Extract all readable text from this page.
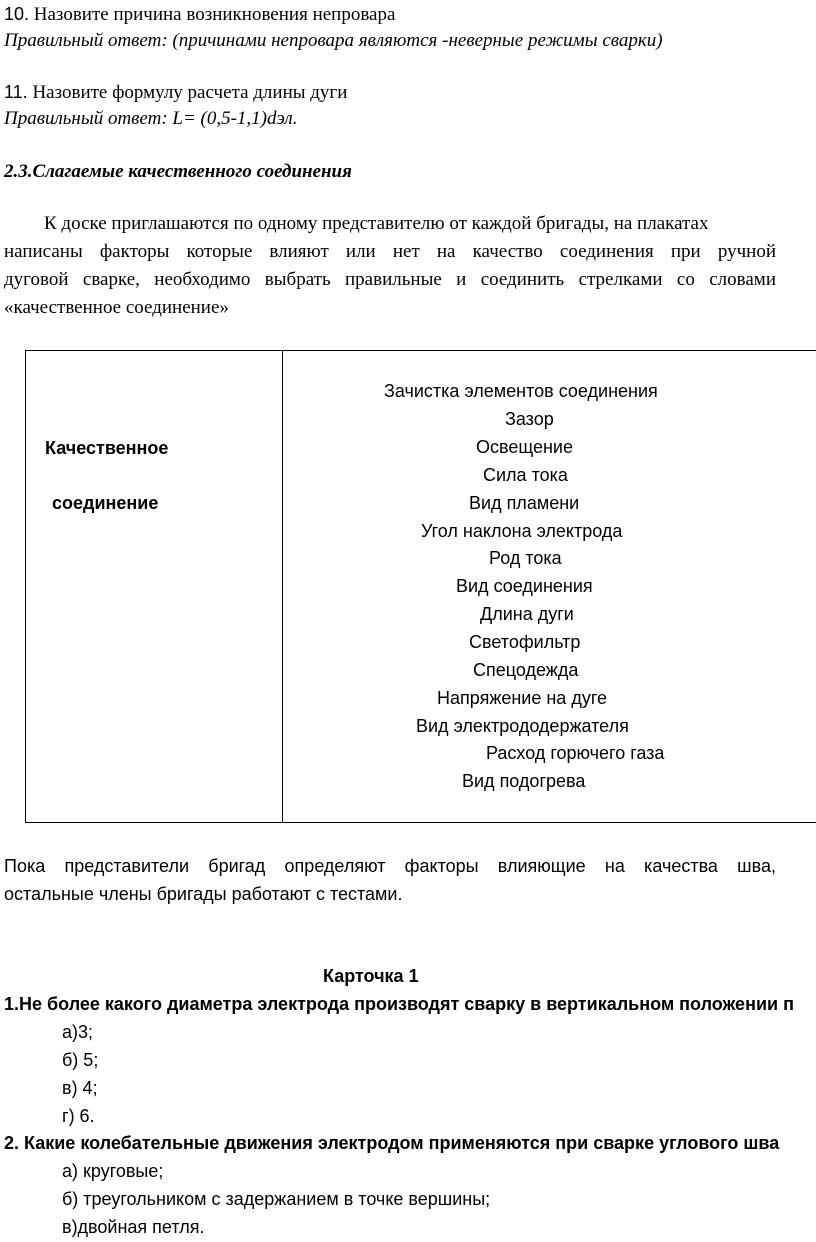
10. Назовите причина возникновения непровара
Правильный ответ: (причинами непровара являются -неверные режимы сварки)
11. Назовите формулу расчета длины дуги
Правильный ответ: L= (0,5-1,1)dэл.
2.3.Слагаемые качественного соединения
К доске приглашаются по одному представителю от каждой бригады, на плакатах
написаны факторы которые влияют или нет на качество соединения при ручной
дуговой сварке, необходимо выбрать правильные и соединить стрелками со словами
«качественное соединение»
Качественное
соединение
Зачистка элементов соединения
Зазор
Освещение
Сила тока
Вид пламени
Угол наклона электрода
Род тока
Вид соединения
Длина дуги
Светофильтр
Спецодежда
Напряжение на дуге
Вид электрододержателя
Расход горючего газа
Вид подогрева
Пока представители бригад определяют факторы влияющие на качества шва,
остальные члены бригады работают с тестами.
Карточка 1
1.Не более какого диаметра электрода производят сварку в вертикальном положении п
а)3;
б) 5;
в) 4;
г) 6.
2. Какие колебательные движения электродом применяются при сварке углового шва
а) круговые;
б) треугольником с задержанием в точке вершины;
в)двойная петля.
